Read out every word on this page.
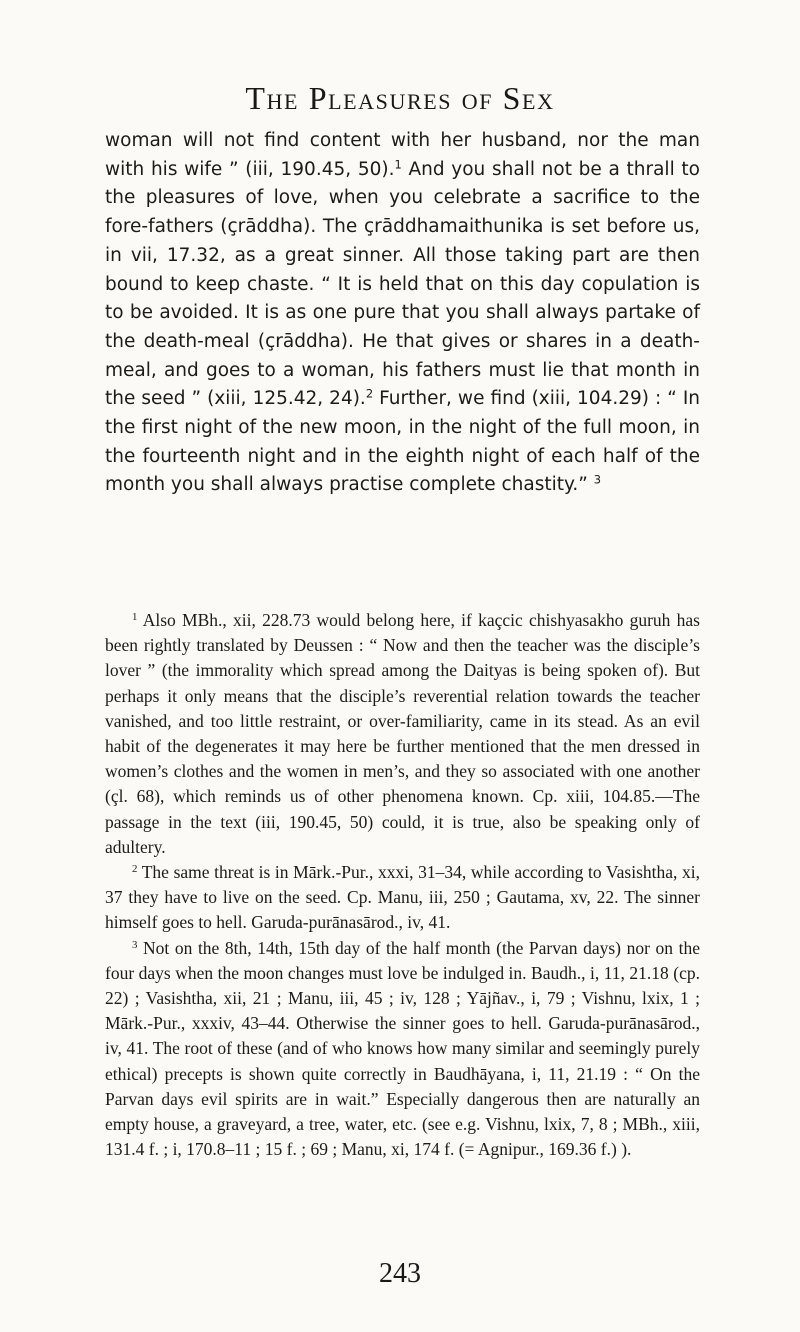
The Pleasures of Sex

woman will not find content with her husband, nor the man with his wife ” (iii, 190.45, 50).$^1$ And you shall not be a thrall to the pleasures of love, when you celebrate a sacrifice to the fore-fathers (çrāddha). The çrāddhamaithunika is set before us, in vii, 17.32, as a great sinner. All those taking part are then bound to keep chaste. “ It is held that on this day copulation is to be avoided. It is as one pure that you shall always partake of the death-meal (çrāddha). He that gives or shares in a death-meal, and goes to a woman, his fathers must lie that month in the seed ” (xiii, 125.42, 24).$^2$ Further, we find (xiii, 104.29) : “ In the first night of the new moon, in the night of the full moon, in the fourteenth night and in the eighth night of each half of the month you shall always practise complete chastity.” $^3$

$^1$ Also MBh., xii, 228.73 would belong here, if kaçcic chishyasakho guruh has been rightly translated by Deussen : “ Now and then the teacher was the disciple’s lover ” (the immorality which spread among the Daityas is being spoken of). But perhaps it only means that the disciple’s reverential relation towards the teacher vanished, and too little restraint, or over-familiarity, came in its stead. As an evil habit of the degenerates it may here be further mentioned that the men dressed in women’s clothes and the women in men’s, and they so associated with one another (çl. 68), which reminds us of other phenomena known. Cp. xiii, 104.85.—The passage in the text (iii, 190.45, 50) could, it is true, also be speaking only of adultery.

$^2$ The same threat is in Mārk.-Pur., xxxi, 31–34, while according to Vasishtha, xi, 37 they have to live on the seed. Cp. Manu, iii, 250 ; Gautama, xv, 22. The sinner himself goes to hell. Garuda-purānasārod., iv, 41.

$^3$ Not on the 8th, 14th, 15th day of the half month (the Parvan days) nor on the four days when the moon changes must love be indulged in. Baudh., i, 11, 21.18 (cp. 22) ; Vasishtha, xii, 21 ; Manu, iii, 45 ; iv, 128 ; Yājñav., i, 79 ; Vishnu, lxix, 1 ; Mārk.-Pur., xxxiv, 43–44. Otherwise the sinner goes to hell. Garuda-purānasārod., iv, 41. The root of these (and of who knows how many similar and seemingly purely ethical) precepts is shown quite correctly in Baudhāyana, i, 11, 21.19 : “ On the Parvan days evil spirits are in wait.” Especially dangerous then are naturally an empty house, a graveyard, a tree, water, etc. (see e.g. Vishnu, lxix, 7, 8 ; MBh., xiii, 131.4 f. ; i, 170.8–11 ; 15 f. ; 69 ; Manu, xi, 174 f. (= Agnipur., 169.36 f.) ).

243
